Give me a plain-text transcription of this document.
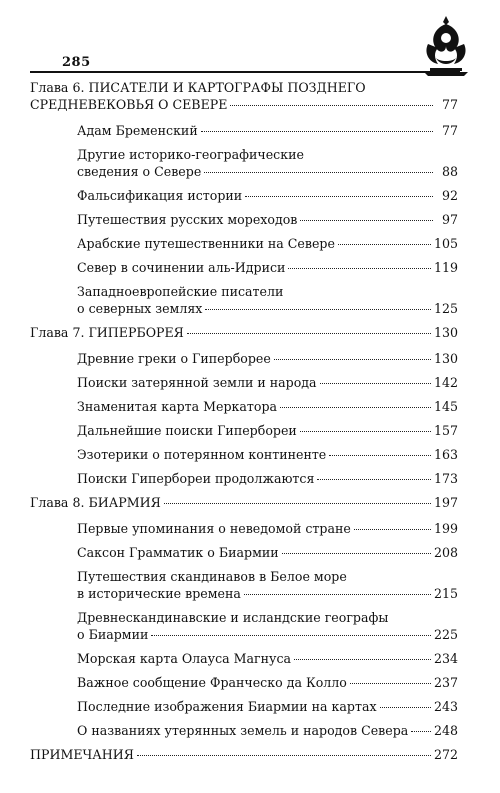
285
Глава 6. ПИСАТЕЛИ И КАРТОГРАФЫ ПОЗДНЕГО
СРЕДНЕВЕКОВЬЯ О СЕВЕРЕ	77
Адам Бременский	77
Другие историко-географические
сведения о Севере	88
Фальсификация истории	92
Путешествия русских мореходов	97
Арабские путешественники на Севере	105
Север в сочинении аль-Идриси	119
Западноевропейские писатели
о северных землях	125
Глава 7. ГИПЕРБОРЕЯ	130
Древние греки о Гиперборее	130
Поиски затерянной земли и народа	142
Знаменитая карта Меркатора	145
Дальнейшие поиски Гипербореи	157
Эзотерики о потерянном континенте	163
Поиски Гипербореи продолжаются	173
Глава 8. БИАРМИЯ	197
Первые упоминания о неведомой стране	199
Саксон Грамматик о Биармии	208
Путешествия скандинавов в Белое море
в исторические времена	215
Древнескандинавские и исландские географы
о Биармии	225
Морская карта Олауса Магнуса	234
Важное сообщение Франческо да Колло	237
Последние изображения Биармии на картах	243
О названиях утерянных земель и народов Севера 248
ПРИМЕЧАНИЯ	272
